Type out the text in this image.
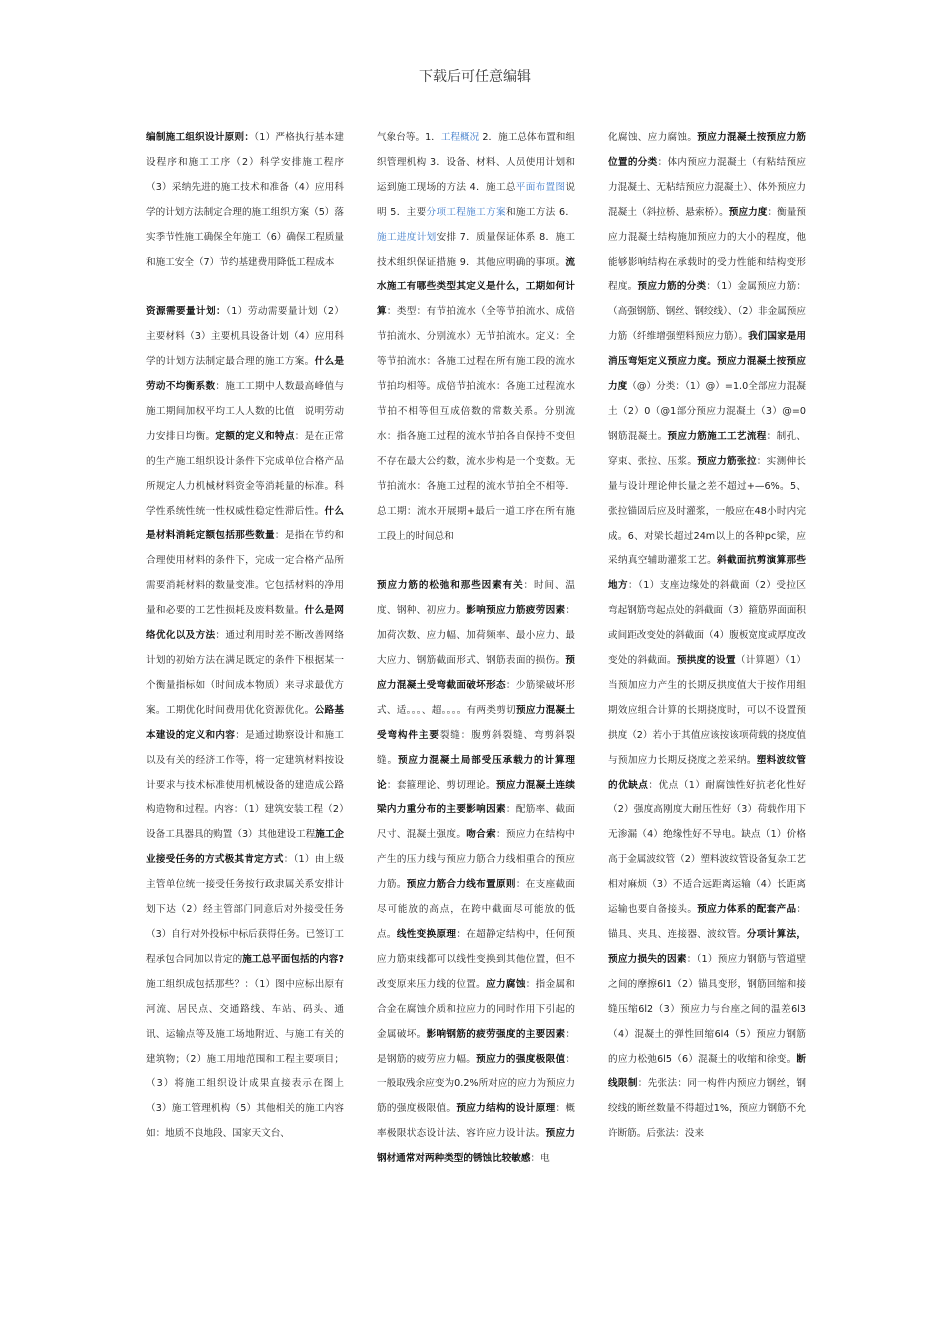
下载后可任意编辑
编制施工组织设计原则：（1）严格执行基本建设程序和施工工序（2）科学安排施工程序（3）采纳先进的施工技术和准备（4）应用科学的计划方法制定合理的施工组织方案（5）落实季节性施工确保全年施工（6）确保工程质量和施工安全（7）节约基建费用降低工程成本
资源需要量计划：（1）劳动需要量计划（2）主要材料（3）主要机具设备计划（4）应用科学的计划方法制定最合理的施工方案。什么是劳动不均衡系数：施工工期中人数最高峰值与施工期间加权平均工人人数的比值　说明劳动力安排日均衡。定额的定义和特点：是在正常的生产施工组织设计条件下完成单位合格产品所规定人力机械材料资金等消耗量的标准。科学性系统性统一性权威性稳定性滞后性。什么是材料消耗定额包括那些数量：是指在节约和合理使用材料的条件下，完成一定合格产品所需要消耗材料的数量变准。它包括材料的净用量和必要的工艺性损耗及废料数量。什么是网络优化以及方法：通过利用时差不断改善网络计划的初始方法在满足既定的条件下根据某一个衡量指标如（时间成本物质）来寻求最优方案。工期优化时间费用优化资源优化。公路基本建设的定义和内容：是通过勘察设计和施工以及有关的经济工作等，将一定建筑材料按设计要求与技术标准使用机械设备的建造成公路构造物和过程。内容：（1）建筑安装工程（2）设备工具器具的购置（3）其他建设工程施工企业接受任务的方式极其肯定方式：（1）由上级主管单位统一接受任务按行政隶属关系安排计划下达（2）经主管部门同意后对外接受任务（3）自行对外投标中标后获得任务。已签订工程承包合同加以肯定的施工总平面包括的内容?施工组织成包括那些？：（1）图中应标出原有河流、居民点、交通路线、车站、码头、通讯、运输点等及施工场地附近、与施工有关的建筑物；（2）施工用地范围和工程主要项目；（3）将施工组织设计成果直接表示在图上（3）施工管理机构（5）其他相关的施工内容如：地质不良地段、国家天文台、
气象台等。1．工程概况 2．施工总体布置和组织管理机构 3．设备、材料、人员使用计划和运到施工现场的方法 4．施工总平面布置图说明 5．主要分项工程施工方案和施工方法 6．施工进度计划安排 7．质量保证体系 8．施工技术组织保证措施 9．其他应明确的事项。流水施工有哪些类型其定义是什么，工期如何计算：类型：有节拍流水（全等节拍流水、成倍节拍流水、分别流水）无节拍流水。定义：全等节拍流水：各施工过程在所有施工段的流水节拍均相等。成倍节拍流水：各施工过程流水节拍不相等但互成倍数的常数关系。分别流水：指各施工过程的流水节拍各自保持不变但不存在最大公约数，流水步构是一个变数。无节拍流水：各施工过程的流水节拍全不相等．总工期：流水开展期+最后一道工序在所有施工段上的时间总和
预应力筋的松弛和那些因素有关：时间、温度、钢种、初应力。影响预应力筋疲劳因素：加荷次数、应力幅、加荷频率、最小应力、最大应力、钢筋截面形式、钢筋表面的损伤。预应力混凝土受弯截面破坏形态：少筋梁破坏形式、适。。。、超。。。。有两类剪切预应力混凝土受弯构件主要裂缝：腹剪斜裂缝、弯剪斜裂缝。预应力混凝土局部受压承载力的计算理论：套箍理论、剪切理论。预应力混凝土连续梁内力重分布的主要影响因素：配筋率、截面尺寸、混凝土强度。吻合索：预应力在结构中产生的压力线与预应力筋合力线相重合的预应力筋。预应力筋合力线布置原则：在支座截面尽可能放的高点，在跨中截面尽可能放的低点。线性变换原理：在超静定结构中，任何预应力筋束线都可以线性变换到其他位置，但不改变原来压力线的位置。应力腐蚀：指金属和合金在腐蚀介质和拉应力的同时作用下引起的金属破坏。影响钢筋的疲劳强度的主要因素：是钢筋的疲劳应力幅。预应力的强度极限值：一般取残余应变为0.2%所对应的应力为预应力筋的强度极限值。预应力结构的设计原理：概率极限状态设计法、容许应力设计法。预应力钢材通常对两种类型的锈蚀比较敏感：电
化腐蚀、应力腐蚀。预应力混凝土按预应力筋位置的分类：体内预应力混凝土（有粘结预应力混凝土、无粘结预应力混凝土）、体外预应力混凝土（斜拉桥、悬索桥）。预应力度：衡量预应力混凝土结构施加预应力的大小的程度，他能够影响结构在承载时的受力性能和结构变形程度。预应力筋的分类：（1）金属预应力筋：（高强钢筋、钢丝、钢绞线）、（2）非金属预应力筋（纤维增强塑料预应力筋）。我们国家是用消压弯矩定义预应力度。预应力混凝土按预应力度（@）分类：（1）@）=1.0全部应力混凝土（2）0（@1部分预应力混凝土（3）@=0钢筋混凝土。预应力筋施工工艺流程：制孔、穿束、张拉、压浆。预应力筋张拉：实测伸长量与设计理论伸长量之差不超过+—6%。5、张拉锚固后应及时灌浆，一般应在48小时内完成。6、对梁长超过24m以上的各种pc梁，应采纳真空辅助灌浆工艺。斜截面抗剪演算那些地方：（1）支座边缘处的斜截面（2）受拉区弯起钢筋弯起点处的斜截面（3）箍筋界面面积或间距改变处的斜截面（4）腹板宽度或厚度改变处的斜截面。预拱度的设置（计算题）（1）当预加应力产生的长期反拱度值大于按作用组期效应组合计算的长期挠度时，可以不设置预拱度（2）若小于其值应该按该项荷载的挠度值与预加应力长期反挠度之差采纳。塑料波纹管的优缺点：优点（1）耐腐蚀性好抗老化性好（2）强度高刚度大耐压性好（3）荷载作用下无渗漏（4）绝缘性好不导电。缺点（1）价格高于金属波纹管（2）塑料波纹管设备复杂工艺相对麻烦（3）不适合远距离运输（4）长距离运输也要自备接头。预应力体系的配套产品：锚具、夹具、连接器、波纹管。分项计算法，预应力损失的因素：（1）预应力钢筋与管道壁之间的摩擦6l1（2）锚具变形，钢筋回缩和接缝压缩6l2（3）预应力与台座之间的温差6l3（4）混凝土的弹性回缩6l4（5）预应力钢筋的应力松弛6l5（6）混凝土的收缩和徐变。断线限制：先张法：同一构件内预应力钢丝，钢绞线的断丝数量不得超过1%，预应力钢筋不允许断筋。后张法：没来
